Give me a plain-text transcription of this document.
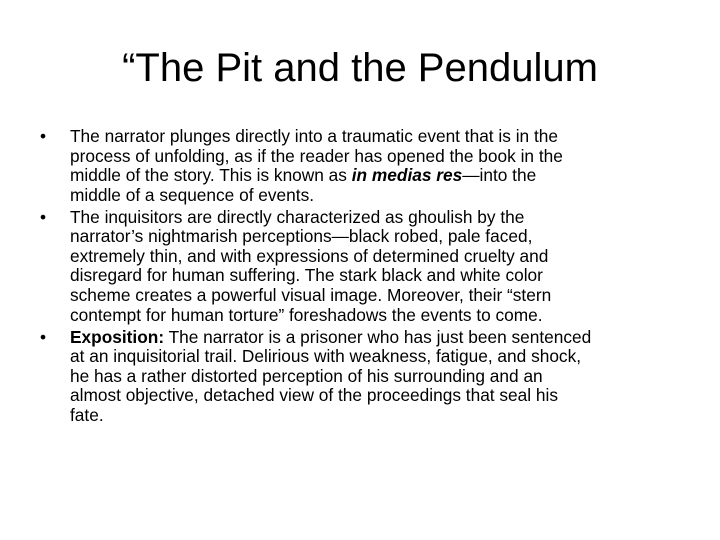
“The Pit and the Pendulum
•	The narrator plunges directly into a traumatic event that is in the
process of unfolding, as if the reader has opened the book in the
middle of the story. This is known as in medias res—into the
middle of a sequence of events.
•	The inquisitors are directly characterized as ghoulish by the
narrator’s nightmarish perceptions—black robed, pale faced,
extremely thin, and with expressions of determined cruelty and
disregard for human suffering. The stark black and white color
scheme creates a powerful visual image. Moreover, their “stern
contempt for human torture” foreshadows the events to come.
•	Exposition: The narrator is a prisoner who has just been sentenced
at an inquisitorial trail. Delirious with weakness, fatigue, and shock,
he has a rather distorted perception of his surrounding and an
almost objective, detached view of the proceedings that seal his
fate.
